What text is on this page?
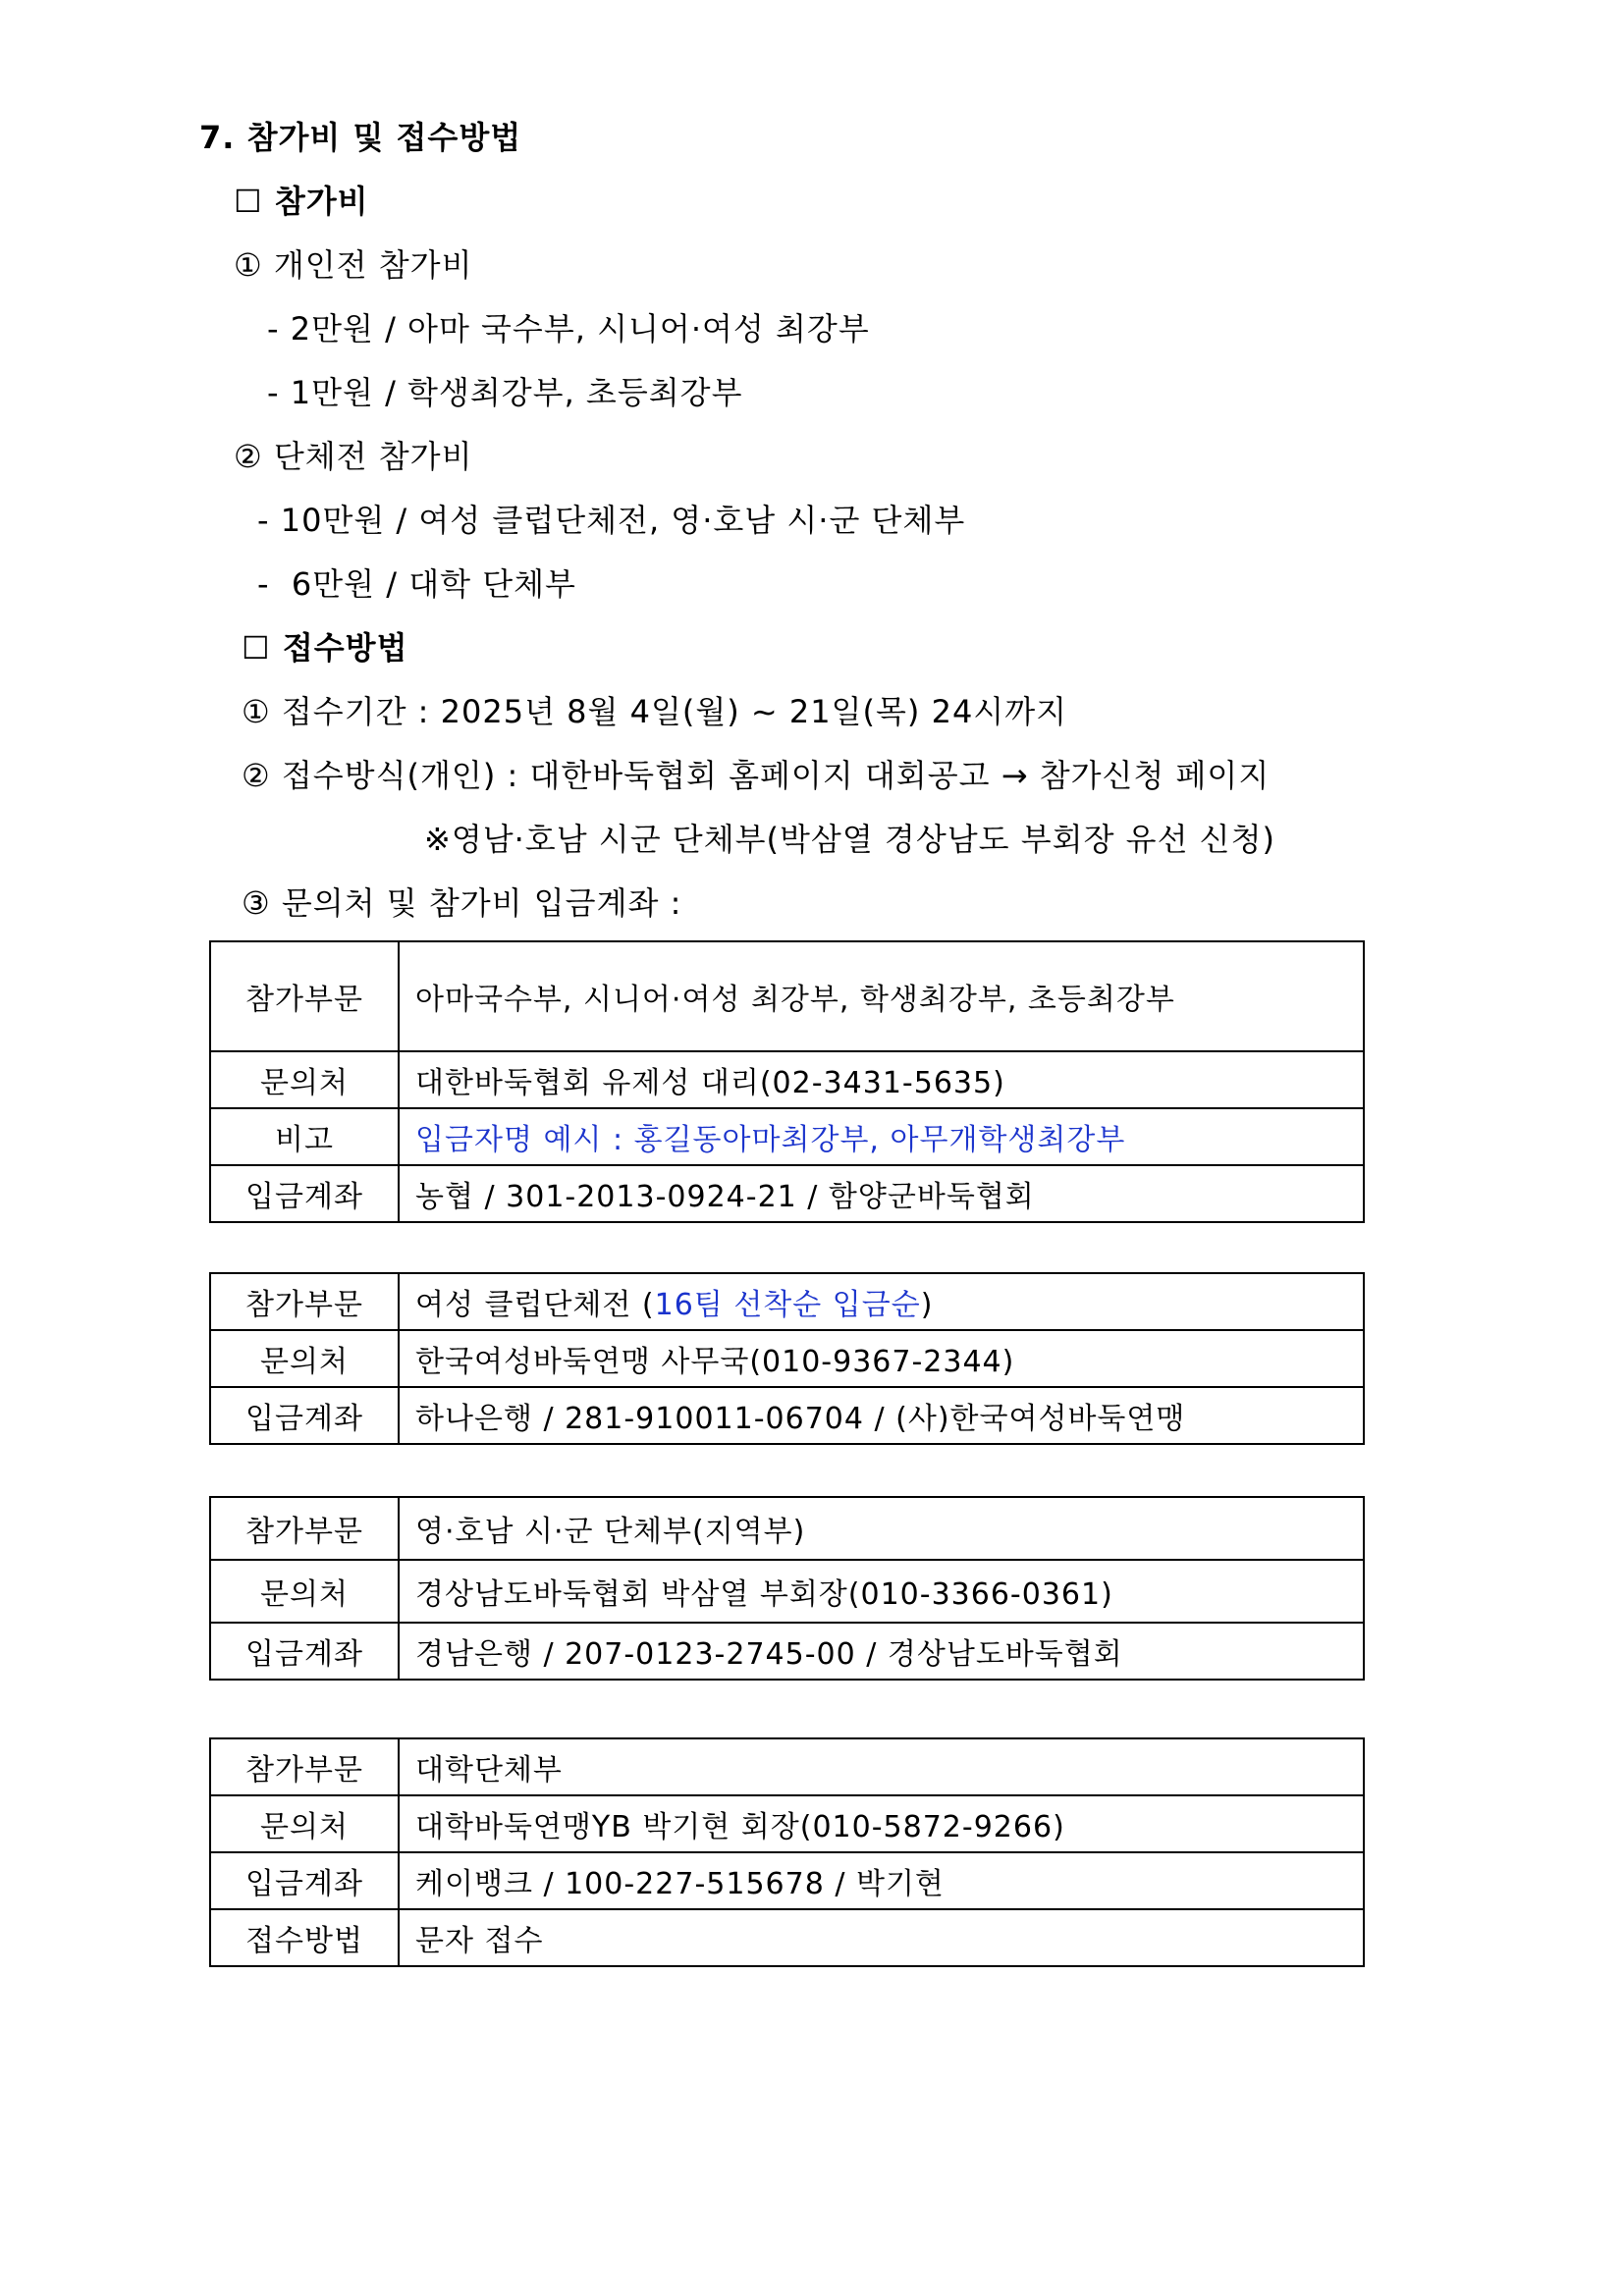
7. 참가비 및 접수방법
☐ 참가비
① 개인전 참가비
- 2만원 / 아마 국수부, 시니어·여성 최강부
- 1만원 / 학생최강부, 초등최강부
② 단체전 참가비
- 10만원 / 여성 클럽단체전, 영·호남 시·군 단체부
-  6만원 / 대학 단체부
☐ 접수방법
① 접수기간 : 2025년 8월 4일(월) ~ 21일(목) 24시까지
② 접수방식(개인) : 대한바둑협회 홈페이지 대회공고 → 참가신청 페이지
※영남·호남 시군 단체부(박삼열 경상남도 부회장 유선 신청)
③ 문의처 및 참가비 입금계좌 :
참가부문	아마국수부, 시니어·여성 최강부, 학생최강부, 초등최강부
문의처	대한바둑협회 유제성 대리(02-3431-5635)
비고	입금자명 예시 : 홍길동아마최강부, 아무개학생최강부
입금계좌	농협 / 301-2013-0924-21 / 함양군바둑협회
참가부문	여성 클럽단체전 (16팀 선착순 입금순)
문의처	한국여성바둑연맹 사무국(010-9367-2344)
입금계좌	하나은행 / 281-910011-06704 / (사)한국여성바둑연맹
참가부문	영·호남 시·군 단체부(지역부)
문의처	경상남도바둑협회 박삼열 부회장(010-3366-0361)
입금계좌	경남은행 / 207-0123-2745-00 / 경상남도바둑협회
참가부문	대학단체부
문의처	대학바둑연맹YB 박기현 회장(010-5872-9266)
입금계좌	케이뱅크 / 100-227-515678 / 박기현
접수방법	문자 접수
